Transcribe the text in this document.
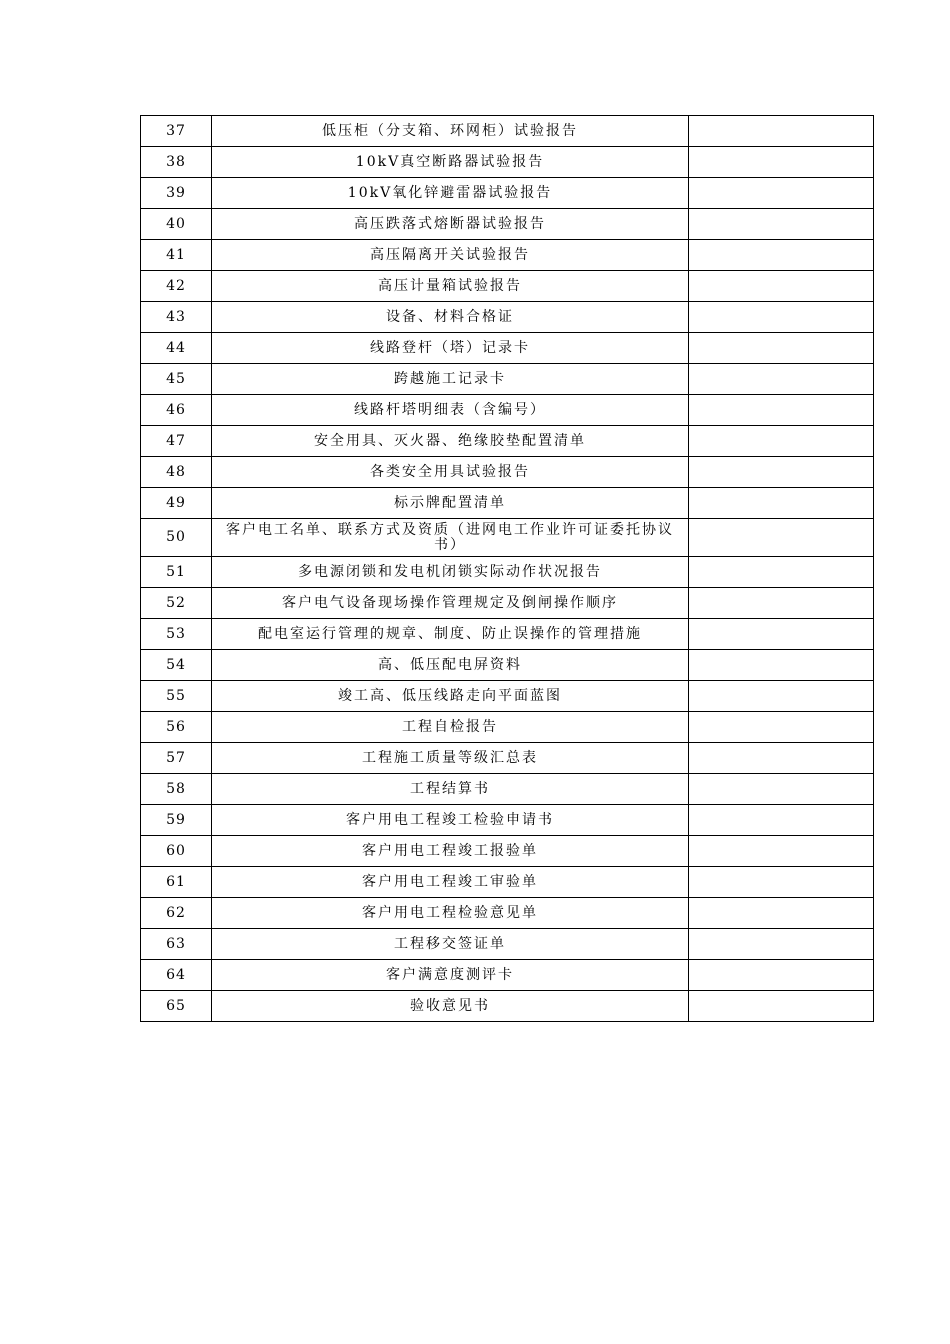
37	低压柜（分支箱、环网柜）试验报告	
38	10kV真空断路器试验报告	
39	10kV氧化锌避雷器试验报告	
40	高压跌落式熔断器试验报告	
41	高压隔离开关试验报告	
42	高压计量箱试验报告	
43	设备、材料合格证	
44	线路登杆（塔）记录卡	
45	跨越施工记录卡	
46	线路杆塔明细表（含编号）	
47	安全用具、灭火器、绝缘胶垫配置清单	
48	各类安全用具试验报告	
49	标示牌配置清单	
50	客户电工名单、联系方式及资质（进网电工作业许可证委托协议书）	
51	多电源闭锁和发电机闭锁实际动作状况报告	
52	客户电气设备现场操作管理规定及倒闸操作顺序	
53	配电室运行管理的规章、制度、防止误操作的管理措施	
54	高、低压配电屏资料	
55	竣工高、低压线路走向平面蓝图	
56	工程自检报告	
57	工程施工质量等级汇总表	
58	工程结算书	
59	客户用电工程竣工检验申请书	
60	客户用电工程竣工报验单	
61	客户用电工程竣工审验单	
62	客户用电工程检验意见单	
63	工程移交签证单	
64	客户满意度测评卡	
65	验收意见书	
